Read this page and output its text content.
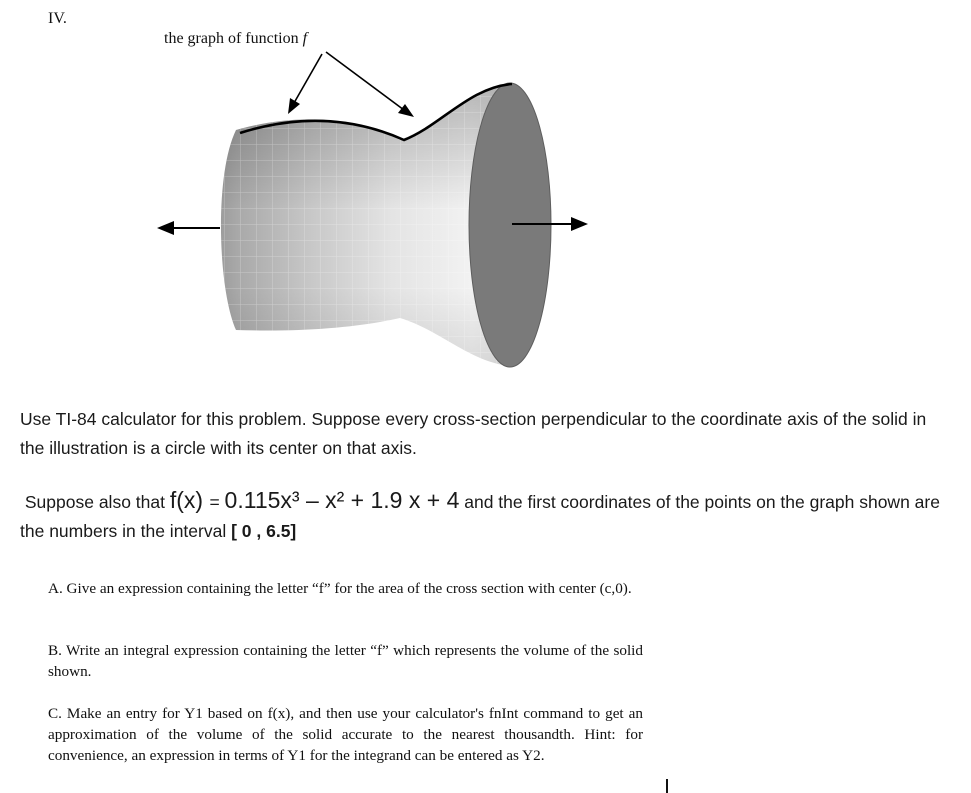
IV.
the graph of function f
Use TI-84 calculator for this problem. Suppose every cross-section perpendicular to the coordinate axis of the solid in the illustration is a circle with its center on that axis.
Suppose also that f(x) = 0.115x³ – x² + 1.9 x + 4 and the first coordinates of the points on the graph shown are the numbers in the interval [ 0 , 6.5]
A. Give an expression containing the letter “f” for the area of the cross section with center (c,0).
B. Write an integral expression containing the letter “f” which represents the volume of the solid shown.
C. Make an entry for Y1 based on f(x), and then use your calculator's fnInt command to get an approximation of the volume of the solid accurate to the nearest thousandth. Hint: for convenience, an expression in terms of Y1 for the integrand can be entered as Y2.
